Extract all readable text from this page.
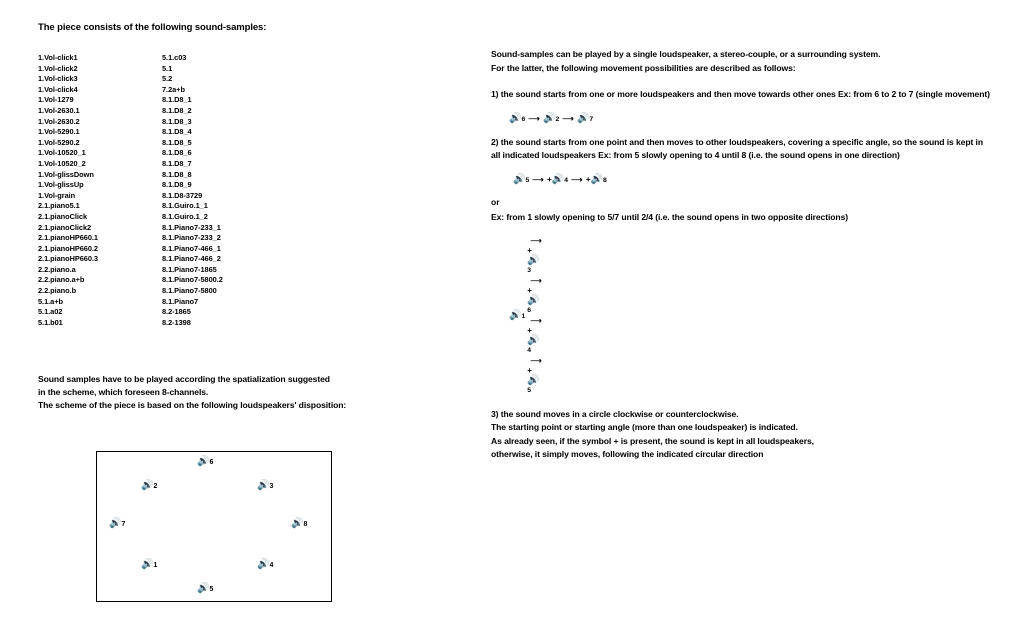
The piece consists of the following sound-samples:
1.Vol-click1
1.Vol-click2
1.Vol-click3
1.Vol-click4
1.Vol-1279
1.Vol-2630.1
1.Vol-2630.2
1.Vol-5290.1
1.Vol-5290.2
1.Vol-10520_1
1.Vol-10520_2
1.Vol-glissDown
1.Vol-glissUp
1.Vol-grain
2.1.piano5.1
2.1.pianoClick
2.1.pianoClick2
2.1.pianoHP660.1
2.1.pianoHP660.2
2.1.pianoHP660.3
2.2.piano.a
2.2.piano.a+b
2.2.piano.b
5.1.a+b
5.1.a02
5.1.b01
5.1.c03
5.1
5.2
7.2a+b
8.1.D8_1
8.1.D8_2
8.1.D8_3
8.1.D8_4
8.1.D8_5
8.1.D8_6
8.1.D8_7
8.1.D8_8
8.1.D8_9
8.1.D8-3729
8.1.Guiro.1_1
8.1.Guiro.1_2
8.1.Piano7-233_1
8.1.Piano7-233_2
8.1.Piano7-466_1
8.1.Piano7-466_2
8.1.Piano7-1865
8.1.Piano7-5800.2
8.1.Piano7-5800
8.1.Piano7
8.2-1865
8.2-1398
Sound samples have to be played according the spatialization suggested
in the scheme, which foreseen 8-channels.
The scheme of the piece is based on the following loudspeakers' disposition:
🔊6
🔊2	🔊3
🔊7	🔊8
🔊1	🔊4
🔊5
Sound-samples can be played by a single loudspeaker, a stereo-couple, or a surrounding system.
For the latter, the following movement possibilities are described as follows:
1) the sound starts from one or more loudspeakers and then move towards other ones Ex: from 6 to 2 to 7 (single movement)
🔊6 ⟶ 🔊2 ⟶ 🔊7
2) the sound starts from one point and then moves to other loudspeakers, covering a specific angle, so the sound is kept in all indicated loudspeakers Ex: from 5 slowly opening to 4 until 8 (i.e. the sound opens in one direction)
🔊5 ⟶ +🔊4 ⟶ +🔊8
or
Ex: from 1 slowly opening to 5/7 until 2/4 (i.e. the sound opens in two opposite directions)
🔊1
⟶
+
🔊
3
⟶
+
🔊
6
⟶
+
🔊
4
⟶
+
🔊
5
3) the sound moves in a circle clockwise or counterclockwise.
The starting point or starting angle (more than one loudspeaker) is indicated.
As already seen, if the symbol + is present, the sound is kept in all loudspeakers,
otherwise, it simply moves, following the indicated circular direction
